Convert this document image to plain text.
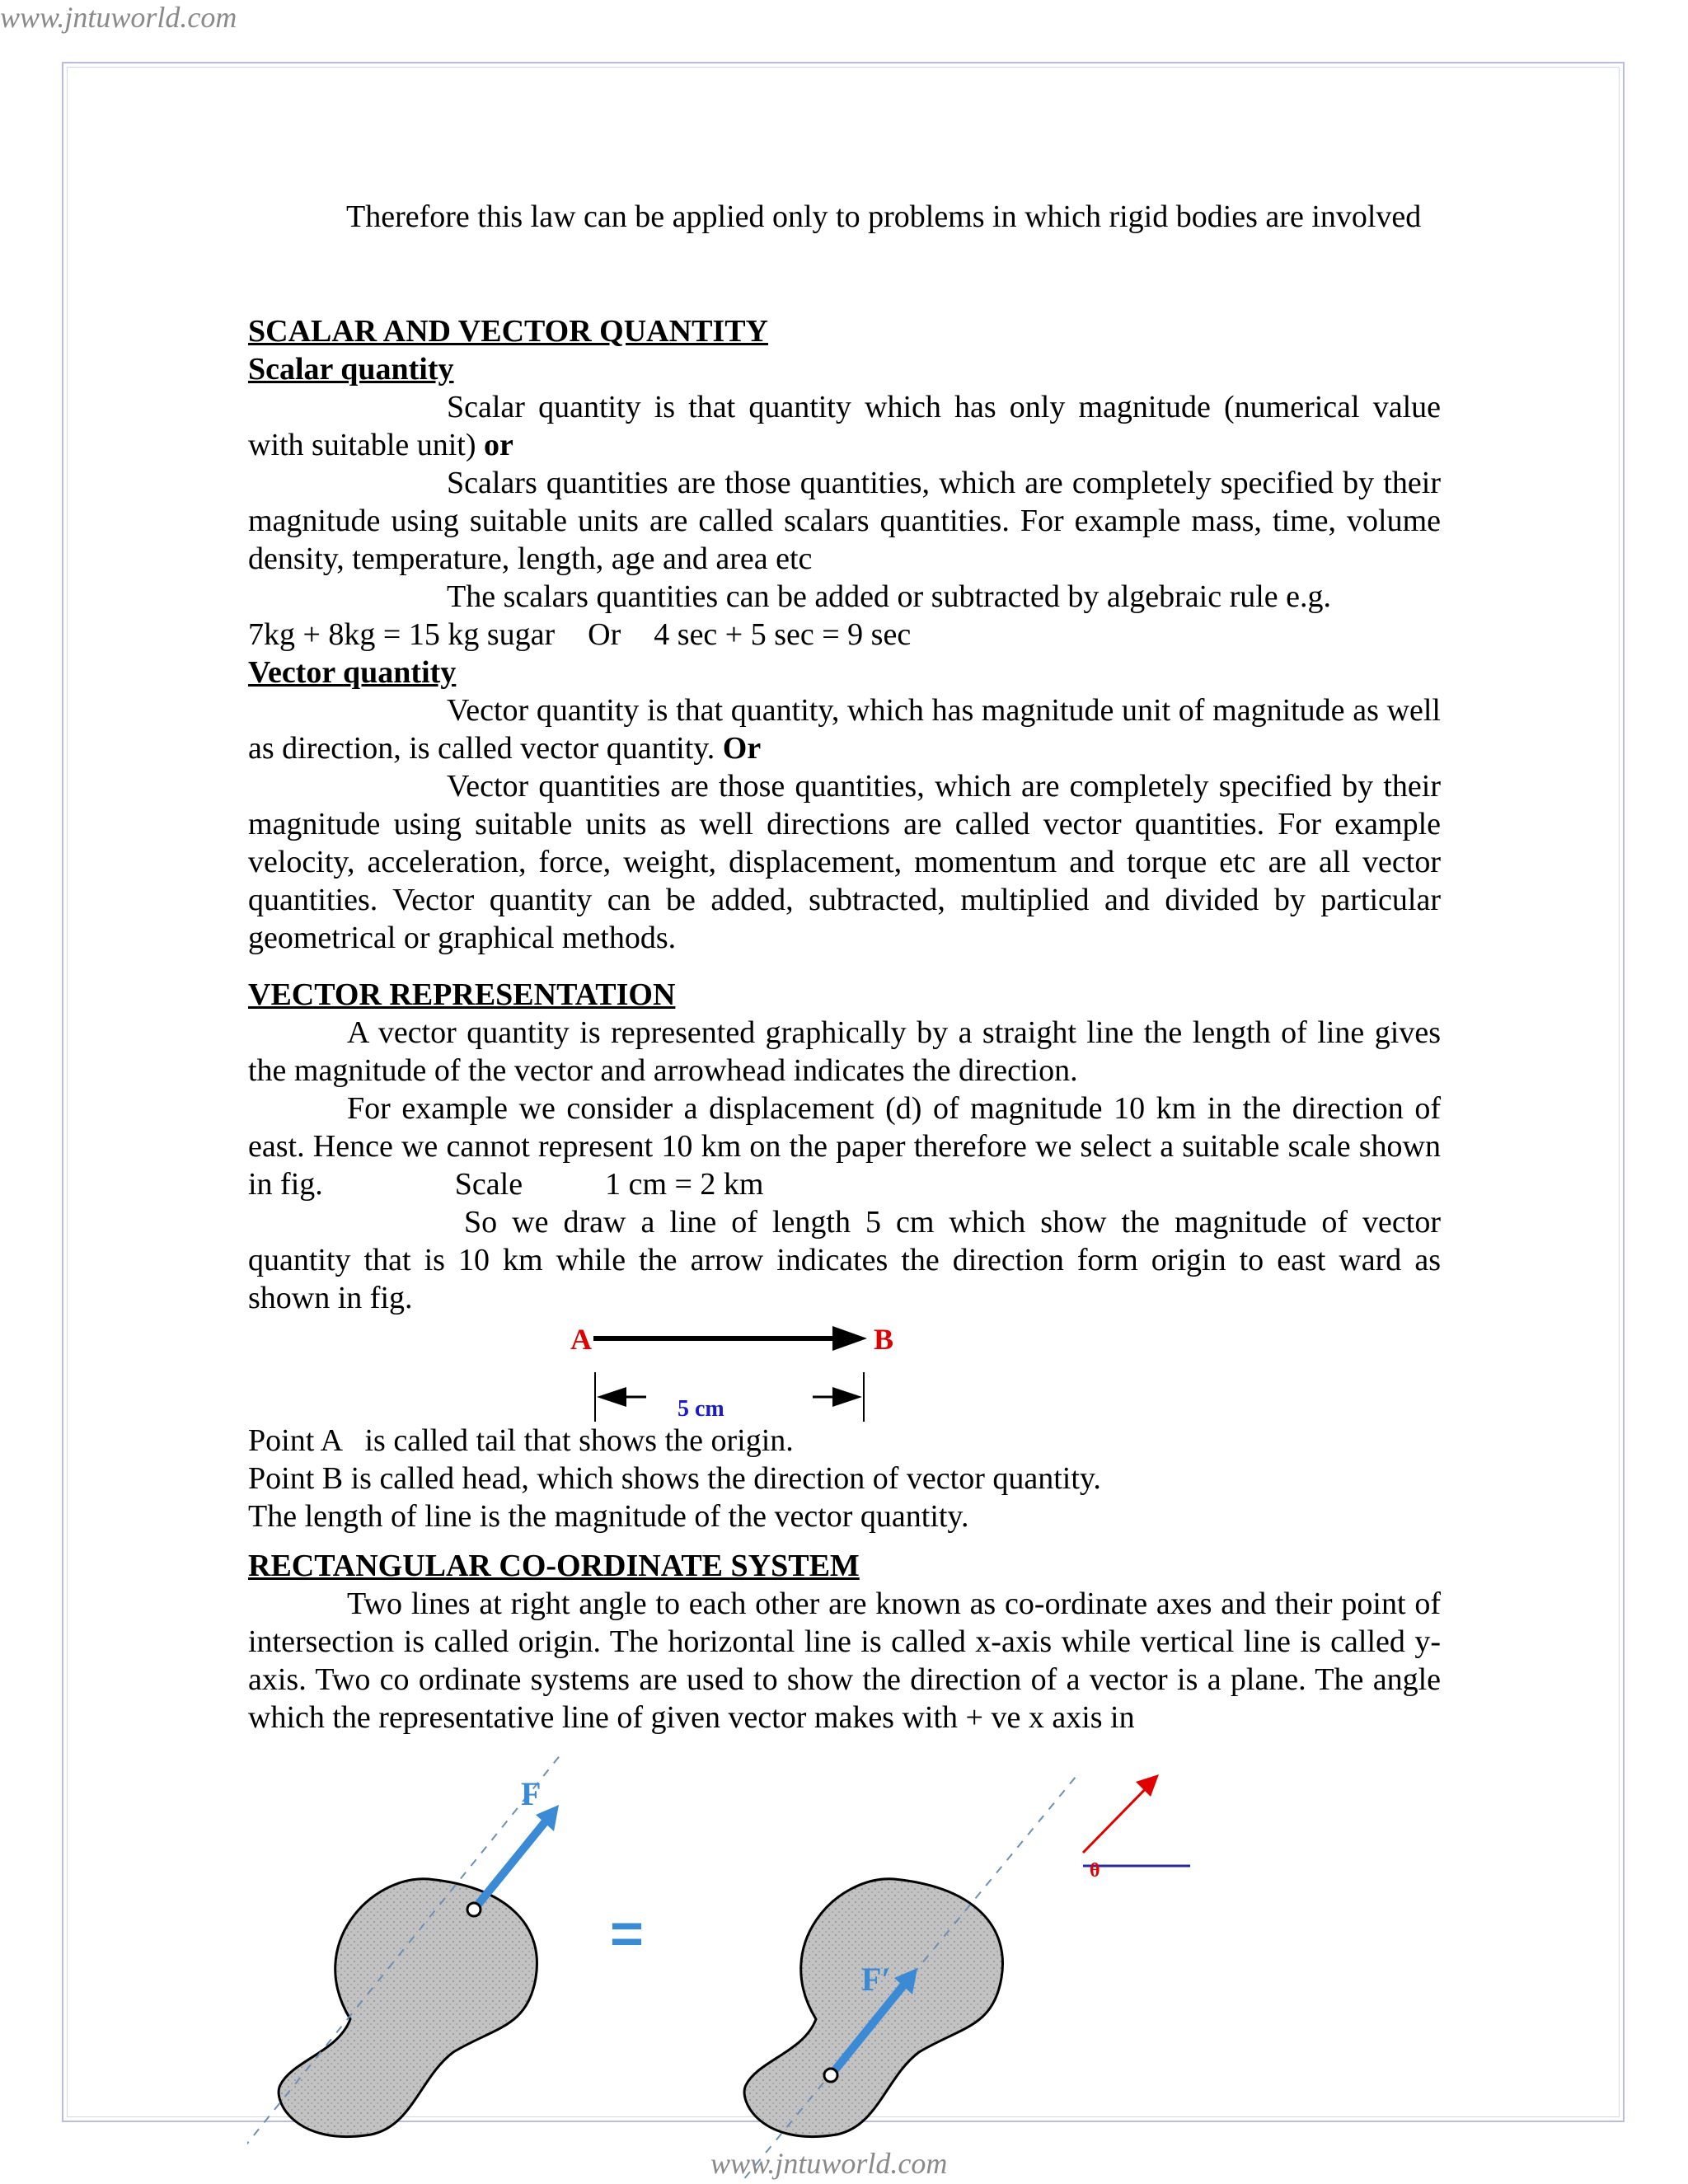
www.jntuworld.com

Therefore this law can be applied only to problems in which rigid bodies are involved

SCALAR AND VECTOR QUANTITY
Scalar quantity

Scalar quantity is that quantity which has only magnitude (numerical value with suitable unit) or

Scalars quantities are those quantities, which are completely specified by their magnitude using suitable units are called scalars quantities. For example mass, time, volume density, temperature, length, age and area etc

The scalars quantities can be added or subtracted by algebraic rule e.g.

7kg + 8kg = 15 kg sugar Or 4 sec + 5 sec = 9 sec

Vector quantity

Vector quantity is that quantity, which has magnitude unit of magnitude as well as direction, is called vector quantity. Or

Vector quantities are those quantities, which are completely specified by their magnitude using suitable units as well directions are called vector quantities. For example velocity, acceleration, force, weight, displacement, momentum and torque etc are all vector quantities. Vector quantity can be added, subtracted, multiplied and divided by particular geometrical or graphical methods.

VECTOR REPRESENTATION

A vector quantity is represented graphically by a straight line the length of line gives the magnitude of the vector and arrowhead indicates the direction.

For example we consider a displacement (d) of magnitude 10 km in the direction of east. Hence we cannot represent 10 km on the paper therefore we select a suitable scale shown in fig.	Scale	1 cm = 2 km

So we draw a line of length 5 cm which show the magnitude of vector quantity that is 10 km while the arrow indicates the direction form origin to east ward as shown in fig.

A	B
5 cm

Point A   is called tail that shows the origin.

Point B is called head, which shows the direction of vector quantity.

The length of line is the magnitude of the vector quantity.

RECTANGULAR CO-ORDINATE SYSTEM

Two lines at right angle to each other are known as co-ordinate axes and their point of intersection is called origin. The horizontal line is called x-axis while vertical line is called y-axis. Two co ordinate systems are used to show the direction of a vector is a plane. The angle which the representative line of given vector makes with + ve x axis in

F
=
F′
θ
www.jntuworld.com
